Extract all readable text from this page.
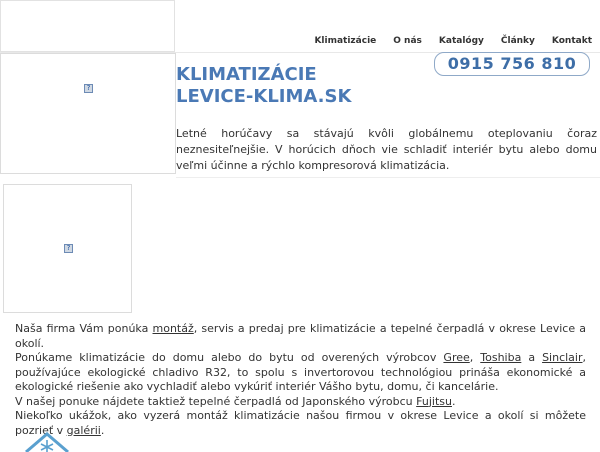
Klimatizácie O nás Katalógy Články Kontakt
?
0915 756 810
KLIMATIZÁCIE LEVICE-KLIMA.SK

Letné horúčavy sa stávajú kvôli globálnemu oteplovaniu čoraz neznesiteľnejšie. V horúcich dňoch vie schladiť interiér bytu alebo domu veľmi účinne a rýchlo kompresorová klimatizácia.

?

Naša firma Vám ponúka montáž, servis a predaj pre klimatizácie a tepelné čerpadlá v okrese Levice a okolí.

Ponúkame klimatizácie do domu alebo do bytu od overených výrobcov Gree, Toshiba a Sinclair, používajúce ekologické chladivo R32, to spolu s invertorovou technológiou prináša ekonomické a ekologické riešenie ako vychladiť alebo vykúriť interiér Vášho bytu, domu, či kancelárie.

V našej ponuke nájdete taktiež tepelné čerpadlá od Japonského výrobcu Fujitsu.

Niekoľko ukážok, ako vyzerá montáž klimatizácie našou firmou v okrese Levice a okolí si môžete pozrieť v galérii.
